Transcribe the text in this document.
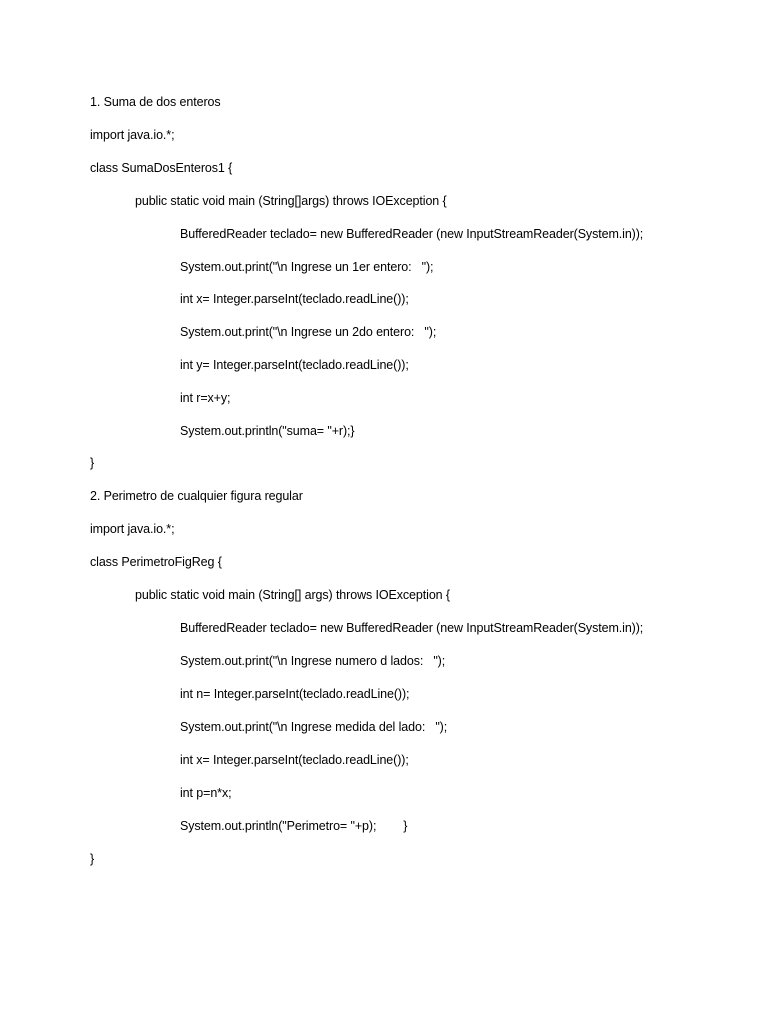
1. Suma de dos enteros
import java.io.*;
class SumaDosEnteros1 {
public static void main (String[]args) throws IOException {
BufferedReader teclado= new BufferedReader (new InputStreamReader(System.in));
System.out.print("\n Ingrese un 1er entero:   ");
int x= Integer.parseInt(teclado.readLine());
System.out.print("\n Ingrese un 2do entero:   ");
int y= Integer.parseInt(teclado.readLine());
int r=x+y;
System.out.println("suma= "+r);}
}
2. Perimetro de cualquier figura regular
import java.io.*;
class PerimetroFigReg {
public static void main (String[] args) throws IOException {
BufferedReader teclado= new BufferedReader (new InputStreamReader(System.in));
System.out.print("\n Ingrese numero d lados:   ");
int n= Integer.parseInt(teclado.readLine());
System.out.print("\n Ingrese medida del lado:   ");
int x= Integer.parseInt(teclado.readLine());
int p=n*x;
System.out.println("Perimetro= "+p);        }
}
